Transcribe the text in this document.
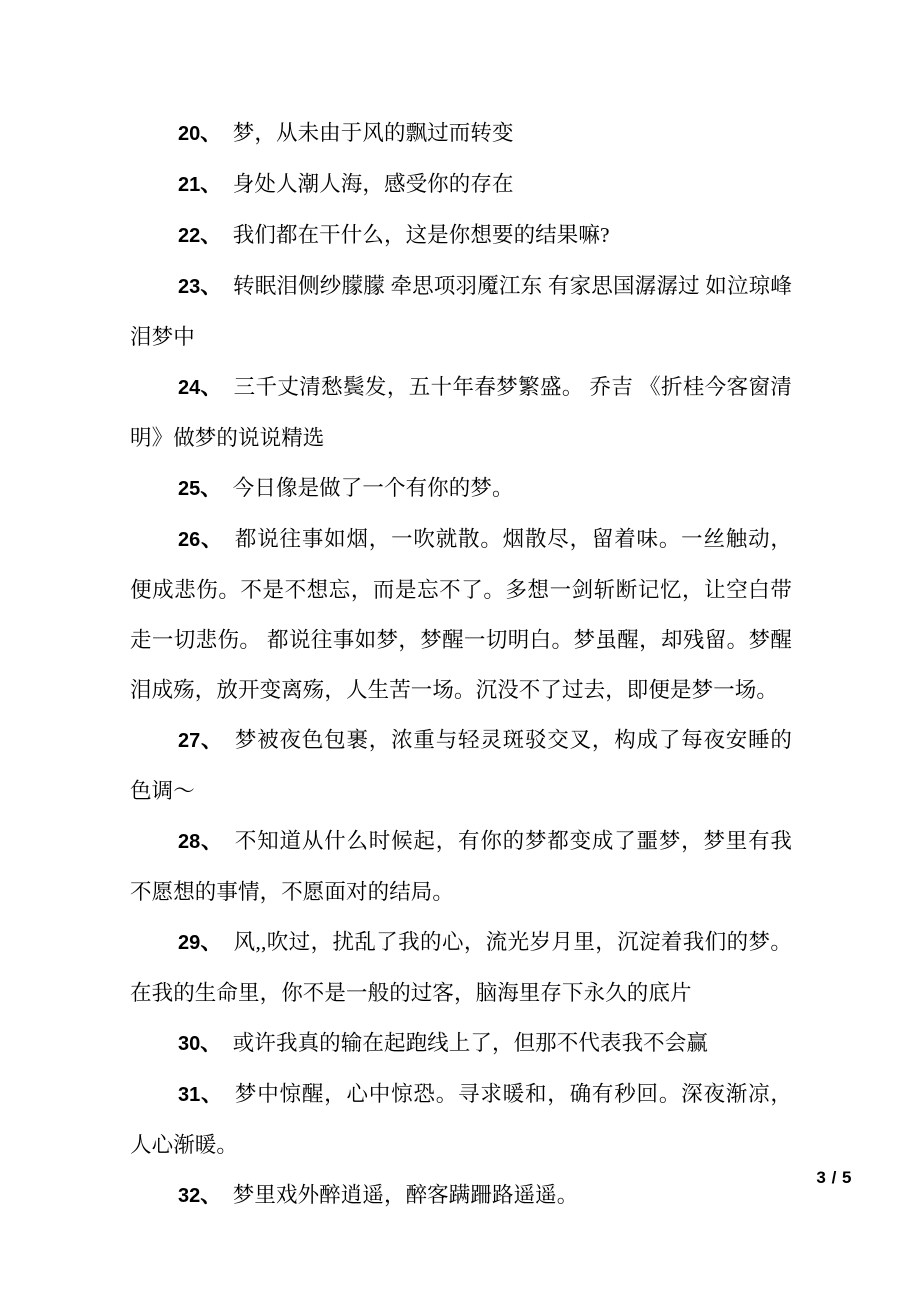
20、 梦，从未由于风的飘过而转变

21、 身处人潮人海，感受你的存在

22、 我们都在干什么，这是你想要的结果嘛?

23、 转眠泪侧纱朦朦 牵思项羽魇江东 有家思国潺潺过 如泣琼峰泪梦中

24、 三千丈清愁鬓发，五十年春梦繁盛。 乔吉 《折桂今客窗清明》做梦的说说精选

25、 今日像是做了一个有你的梦。

26、 都说往事如烟，一吹就散。烟散尽，留着味。一丝触动，便成悲伤。不是不想忘，而是忘不了。多想一剑斩断记忆，让空白带走一切悲伤。 都说往事如梦，梦醒一切明白。梦虽醒，却残留。梦醒泪成殇，放开变离殇，人生苦一场。沉没不了过去，即便是梦一场。

27、 梦被夜色包裹，浓重与轻灵斑驳交叉，构成了每夜安睡的色调～

28、 不知道从什么时候起，有你的梦都变成了噩梦，梦里有我不愿想的事情，不愿面对的结局。

29、 风,,吹过，扰乱了我的心，流光岁月里，沉淀着我们的梦。在我的生命里，你不是一般的过客，脑海里存下永久的底片

30、 或许我真的输在起跑线上了，但那不代表我不会赢

31、 梦中惊醒，心中惊恐。寻求暖和，确有秒回。深夜渐凉，人心渐暖。

32、 梦里戏外醉逍遥，醉客蹒跚路遥遥。

3 / 5
